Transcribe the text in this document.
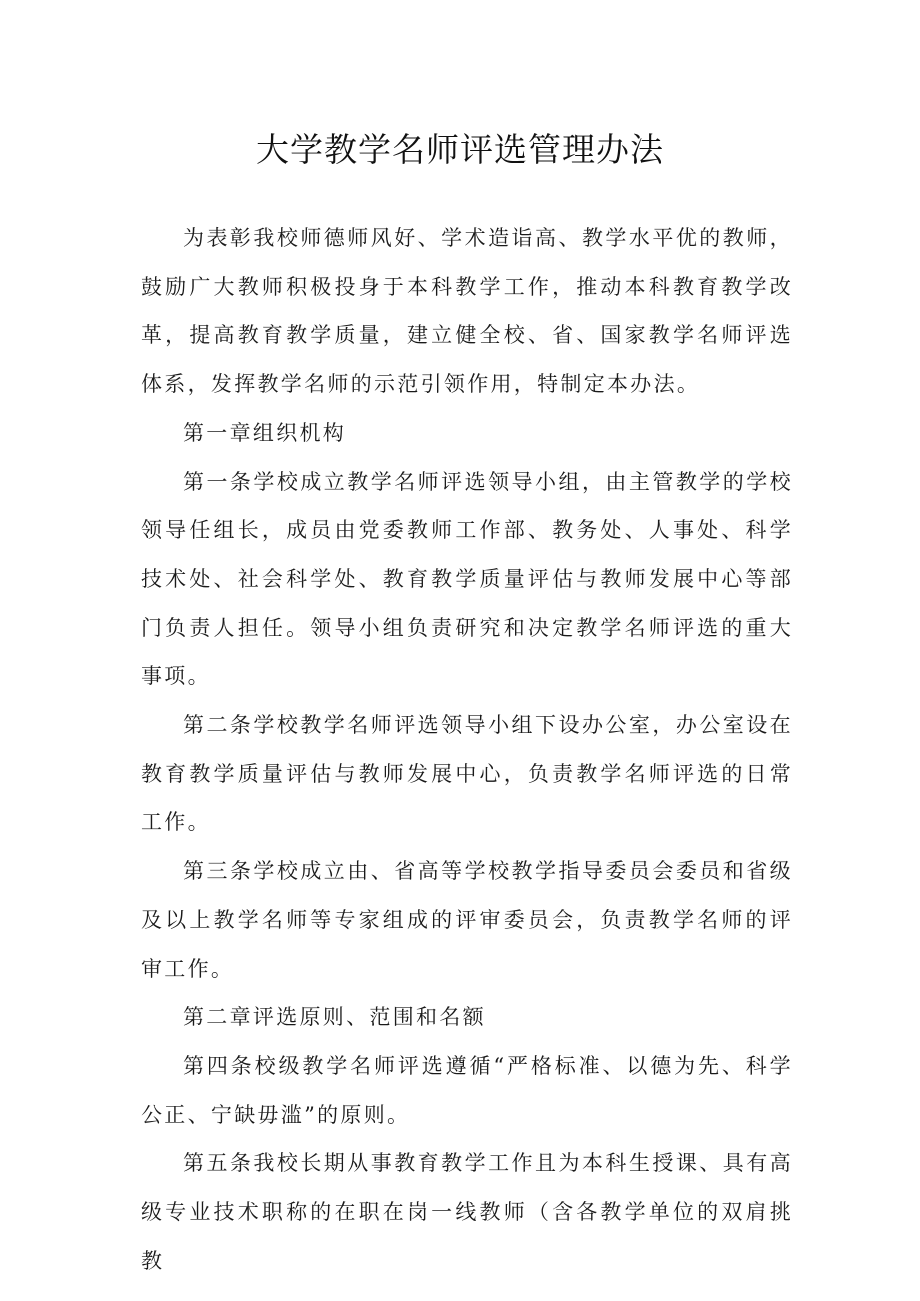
大学教学名师评选管理办法

为表彰我校师德师风好、学术造诣高、教学水平优的教师，鼓励广大教师积极投身于本科教学工作，推动本科教育教学改革，提高教育教学质量，建立健全校、省、国家教学名师评选体系，发挥教学名师的示范引领作用，特制定本办法。

第一章组织机构

第一条学校成立教学名师评选领导小组，由主管教学的学校领导任组长，成员由党委教师工作部、教务处、人事处、科学技术处、社会科学处、教育教学质量评估与教师发展中心等部门负责人担任。领导小组负责研究和决定教学名师评选的重大事项。

第二条学校教学名师评选领导小组下设办公室，办公室设在教育教学质量评估与教师发展中心，负责教学名师评选的日常工作。

第三条学校成立由、省高等学校教学指导委员会委员和省级及以上教学名师等专家组成的评审委员会，负责教学名师的评审工作。

第二章评选原则、范围和名额

第四条校级教学名师评选遵循“严格标准、以德为先、科学公正、宁缺毋滥”的原则。

第五条我校长期从事教育教学工作且为本科生授课、具有高级专业技术职称的在职在岗一线教师（含各教学单位的双肩挑教
